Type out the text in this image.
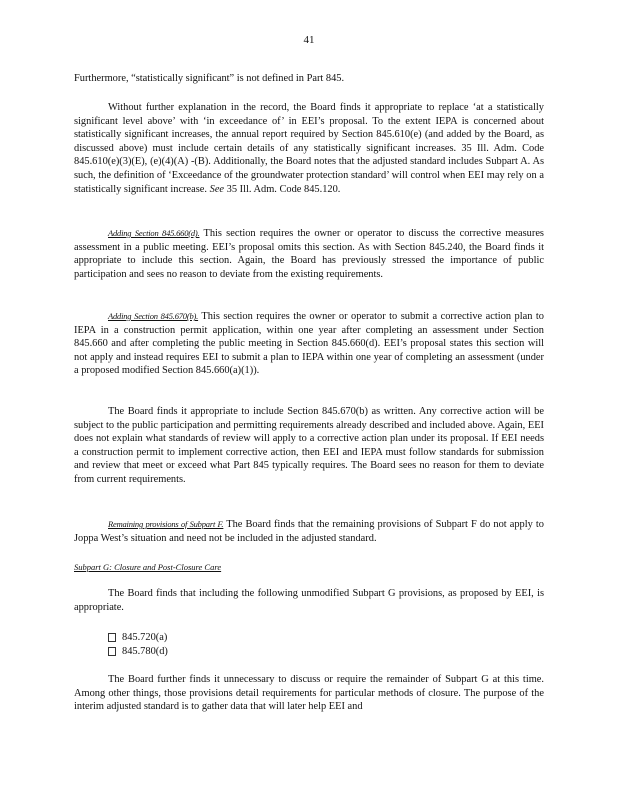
41

Furthermore, “statistically significant” is not defined in Part 845.

Without further explanation in the record, the Board finds it appropriate to replace ‘at a statistically significant level above’ with ‘in exceedance of’ in EEI’s proposal. To the extent IEPA is concerned about statistically significant increases, the annual report required by Section 845.610(e) (and added by the Board, as discussed above) must include certain details of any statistically significant increases. 35 Ill. Adm. Code 845.610(e)(3)(E), (e)(4)(A) -(B). Additionally, the Board notes that the adjusted standard includes Subpart A. As such, the definition of ‘Exceedance of the groundwater protection standard’ will control when EEI may rely on a statistically significant increase. See 35 Ill. Adm. Code 845.120.

Adding Section 845.660(d). This section requires the owner or operator to discuss the corrective measures assessment in a public meeting. EEI’s proposal omits this section. As with Section 845.240, the Board finds it appropriate to include this section. Again, the Board has previously stressed the importance of public participation and sees no reason to deviate from the existing requirements.

Adding Section 845.670(b). This section requires the owner or operator to submit a corrective action plan to IEPA in a construction permit application, within one year after completing an assessment under Section 845.660 and after completing the public meeting in Section 845.660(d). EEI’s proposal states this section will not apply and instead requires EEI to submit a plan to IEPA within one year of completing an assessment (under a proposed modified Section 845.660(a)(1)).

The Board finds it appropriate to include Section 845.670(b) as written. Any corrective action will be subject to the public participation and permitting requirements already described and included above. Again, EEI does not explain what standards of review will apply to a corrective action plan under its proposal. If EEI needs a construction permit to implement corrective action, then EEI and IEPA must follow standards for submission and review that meet or exceed what Part 845 typically requires. The Board sees no reason for them to deviate from current requirements.

Remaining provisions of Subpart F. The Board finds that the remaining provisions of Subpart F do not apply to Joppa West’s situation and need not be included in the adjusted standard.

Subpart G: Closure and Post-Closure Care

The Board finds that including the following unmodified Subpart G provisions, as proposed by EEI, is appropriate.

845.720(a)
845.780(d)

The Board further finds it unnecessary to discuss or require the remainder of Subpart G at this time. Among other things, those provisions detail requirements for particular methods of closure. The purpose of the interim adjusted standard is to gather data that will later help EEI and
